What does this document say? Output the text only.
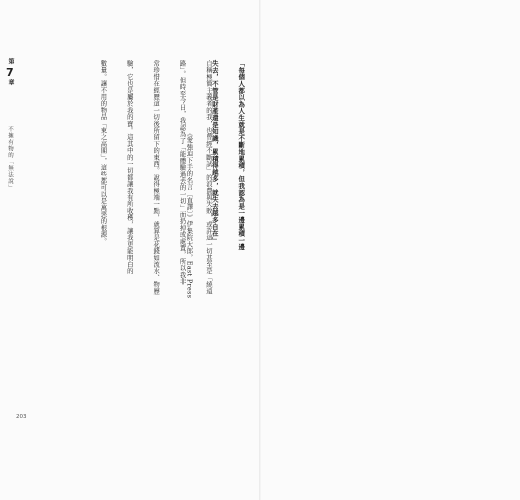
第
7
章
不擁有物的「無法說」

	自稱極簡主義者的我，也曾經不斷試」的浪費與失敗，或許這一切甚至是「繞遠

路」。但時至今日，我認為了「能體驗過去的一切」而扔掉或處置，所以我非

常珍惜在經歷這一切後所留下的東西。說得極端一點，就算是花錢如流水、物歷

驗，它也是屬於我的寶。這其中的一切都讓我有所收穫，讓我更能明白的

數量。讓不用的物品「束之高閣」，這些都可以是萬惡的根源。

	「每個人都以為人生就是不斷地累積，但我認為是一邊累積一邊

失去，不管是財產還是知識，累積得越多，就失去越多自在」

《愛強迫下手的名言〔直譯〕》伊集院大郎，East Press

203
